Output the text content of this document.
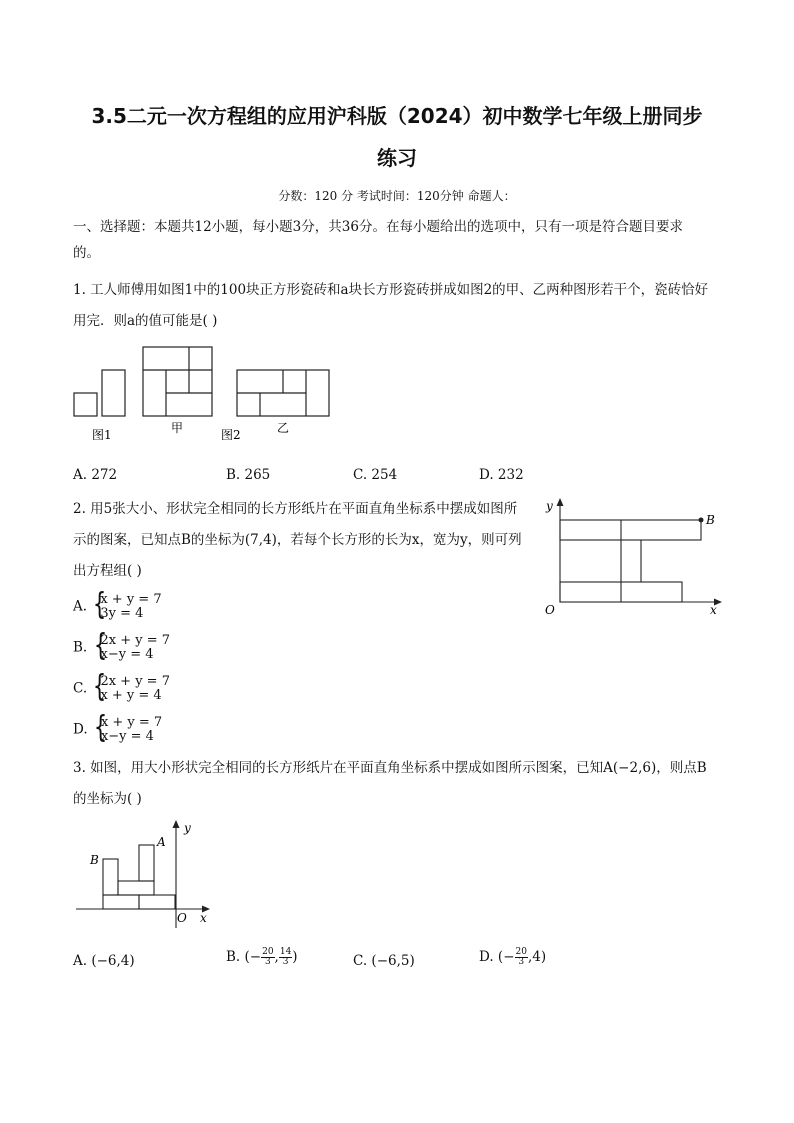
3.5二元一次方程组的应用沪科版（2024）初中数学七年级上册同步
练习
分数：120 分 考试时间：120分钟 命题人：
一、选择题：本题共12小题，每小题3分，共36分。在每小题给出的选项中，只有一项是符合题目要求
的。
1. 工人师傅用如图1中的100块正方形瓷砖和a块长方形瓷砖拼成如图2的甲、乙两种图形若干个，瓷砖恰好
用完．则a的值可能是( )
图1	甲	图2	乙
A. 272	B. 265	C. 254	D. 232
2. 用5张大小、形状完全相同的长方形纸片在平面直角坐标系中摆成如图所
示的图案，已知点B的坐标为(7,4)，若每个长方形的长为x，宽为y，则可列
出方程组( )
A. { x + y = 7
3y = 4
B. { 2x + y = 7
x−y = 4
C. { 2x + y = 7
x + y = 4
D. { x + y = 7
x−y = 4
y
x
O
B
3. 如图，用大小形状完全相同的长方形纸片在平面直角坐标系中摆成如图所示图案，已知A(−2,6)，则点B
的坐标为( )
y
x
O
A
B
A. (−6,4)	B. (− $\frac{20}{3}$ , $\frac{14}{3}$ )	C. (−6,5)	D. (− $\frac{20}{3} ,4$)
